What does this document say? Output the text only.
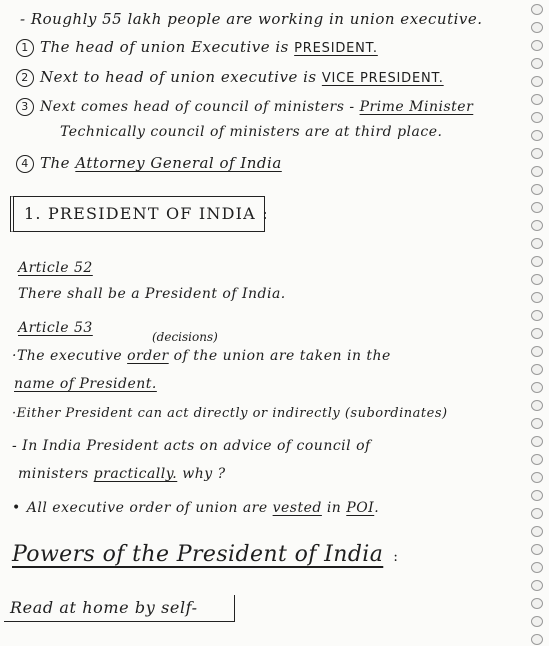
- Roughly 55 lakh people are working in union executive.
1 The head of union Executive is PRESIDENT.
2 Next to head of union executive is VICE PRESIDENT.
3 Next comes head of council of ministers - Prime Minister
Technically council of ministers are at third place.
4 The Attorney General of India
1. PRESIDENT OF INDIA :
Article 52
There shall be a President of India.
Article 53
(decisions)
·The executive order of the union are taken in the
name of President.
·Either President can act directly or indirectly (subordinates)
- In India President acts on advice of council of
ministers practically. why ?
• All executive order of union are vested in POI.
Powers of the President of India :
Read at home by self-
